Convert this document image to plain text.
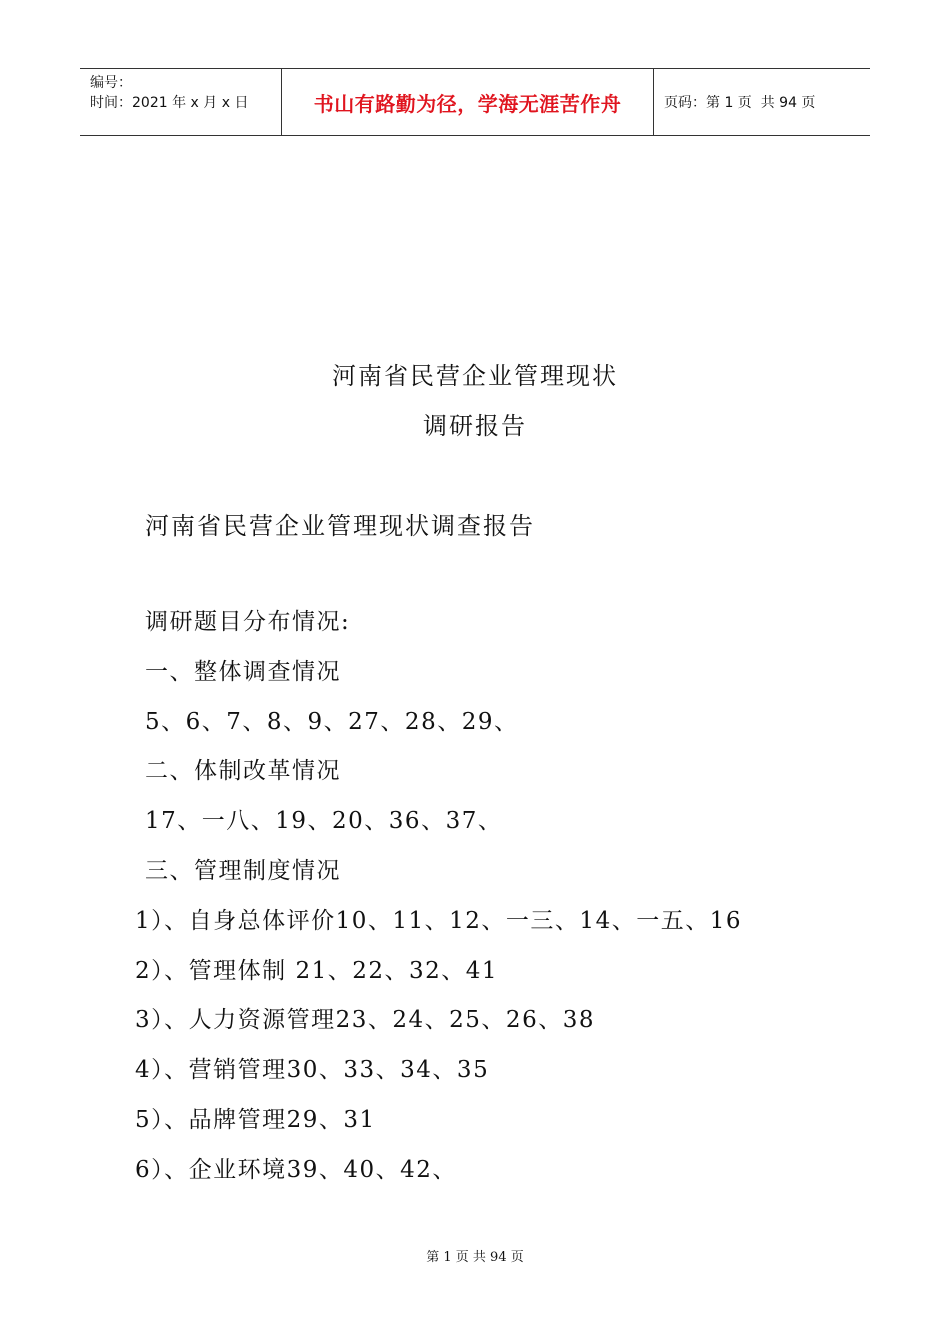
编号：
时间：2021 年 x 月 x 日	书山有路勤为径，学海无涯苦作舟	页码：第 1 页  共 94 页
河南省民营企业管理现状
调研报告
河南省民营企业管理现状调查报告
调研题目分布情况:
一、整体调查情况
5、6、7、8、9、27、28、29、
二、体制改革情况
17、一八、19、20、36、37、
三、管理制度情况
1）、自身总体评价10、11、12、一三、14、一五、16
2）、管理体制 21、22、32、41
3）、人力资源管理23、24、25、26、38
4）、营销管理30、33、34、35
5）、品牌管理29、31
6）、企业环境39、40、42、
第 1 页 共 94 页
